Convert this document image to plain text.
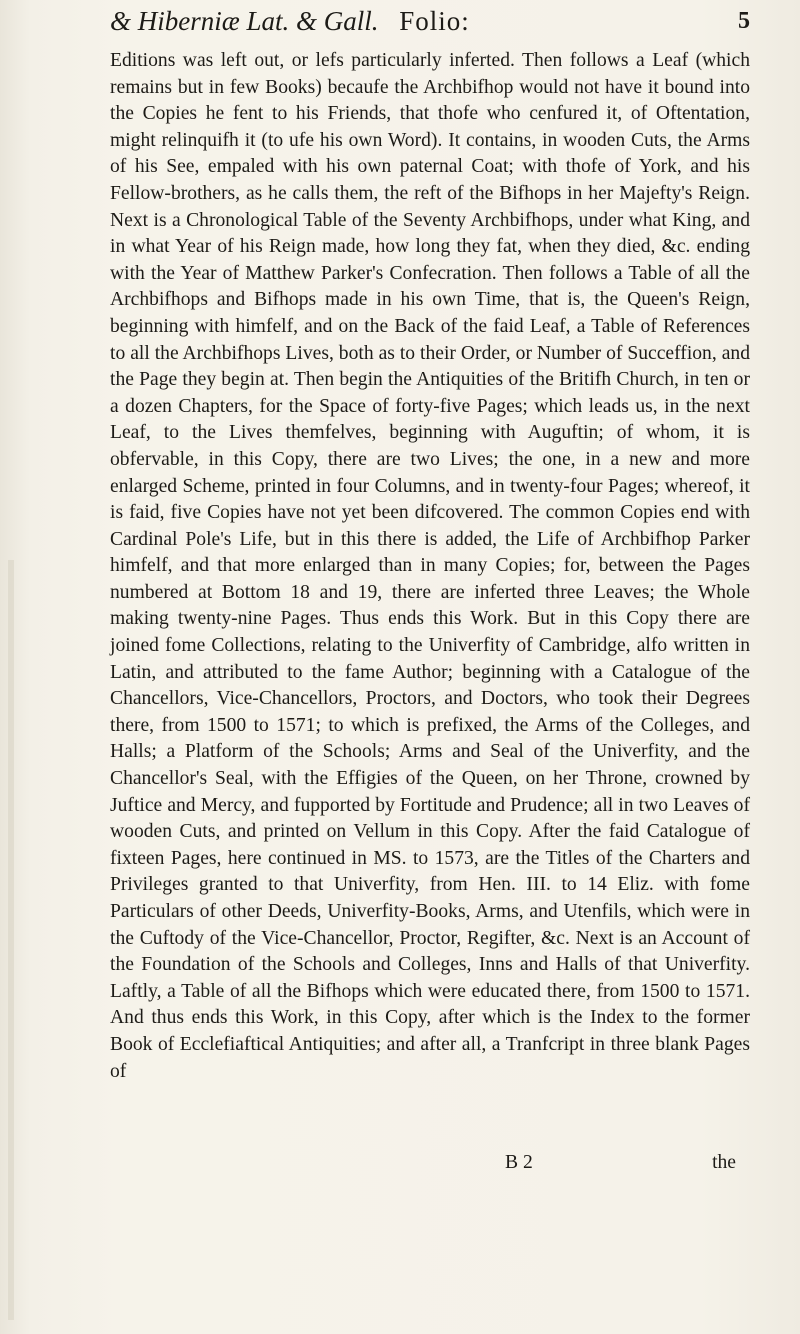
& Hiberniæ Lat. & Gall. Folio:	5

Editions was left out, or lefs particularly inferted. Then follows a Leaf (which remains but in few Books) becaufe the Archbifhop would not have it bound into the Copies he fent to his Friends, that thofe who cenfured it, of Oftentation, might relinquifh it (to ufe his own Word). It contains, in wooden Cuts, the Arms of his See, empaled with his own paternal Coat; with thofe of York, and his Fellow-brothers, as he calls them, the reft of the Bifhops in her Majefty's Reign. Next is a Chronological Table of the Seventy Archbifhops, under what King, and in what Year of his Reign made, how long they fat, when they died, &c. ending with the Year of Matthew Parker's Confecration. Then follows a Table of all the Archbifhops and Bifhops made in his own Time, that is, the Queen's Reign, beginning with himfelf, and on the Back of the faid Leaf, a Table of References to all the Archbifhops Lives, both as to their Order, or Number of Succeffion, and the Page they begin at. Then begin the Antiquities of the Britifh Church, in ten or a dozen Chapters, for the Space of forty-five Pages; which leads us, in the next Leaf, to the Lives themfelves, beginning with Auguftin; of whom, it is obfervable, in this Copy, there are two Lives; the one, in a new and more enlarged Scheme, printed in four Columns, and in twenty-four Pages; whereof, it is faid, five Copies have not yet been difcovered. The common Copies end with Cardinal Pole's Life, but in this there is added, the Life of Archbifhop Parker himfelf, and that more enlarged than in many Copies; for, between the Pages numbered at Bottom 18 and 19, there are inferted three Leaves; the Whole making twenty-nine Pages. Thus ends this Work. But in this Copy there are joined fome Collections, relating to the Univerfity of Cambridge, alfo written in Latin, and attributed to the fame Author; beginning with a Catalogue of the Chancellors, Vice-Chancellors, Proctors, and Doctors, who took their Degrees there, from 1500 to 1571; to which is prefixed, the Arms of the Colleges, and Halls; a Platform of the Schools; Arms and Seal of the Univerfity, and the Chancellor's Seal, with the Effigies of the Queen, on her Throne, crowned by Juftice and Mercy, and fupported by Fortitude and Prudence; all in two Leaves of wooden Cuts, and printed on Vellum in this Copy. After the faid Catalogue of fixteen Pages, here continued in MS. to 1573, are the Titles of the Charters and Privileges granted to that Univerfity, from Hen. III. to 14 Eliz. with fome Particulars of other Deeds, Univerfity-Books, Arms, and Utenfils, which were in the Cuftody of the Vice-Chancellor, Proctor, Regifter, &c. Next is an Account of the Foundation of the Schools and Colleges, Inns and Halls of that Univerfity. Laftly, a Table of all the Bifhops which were educated there, from 1500 to 1571. And thus ends this Work, in this Copy, after which is the Index to the former Book of Ecclefiaftical Antiquities; and after all, a Tranfcript in three blank Pages of

B 2	the
